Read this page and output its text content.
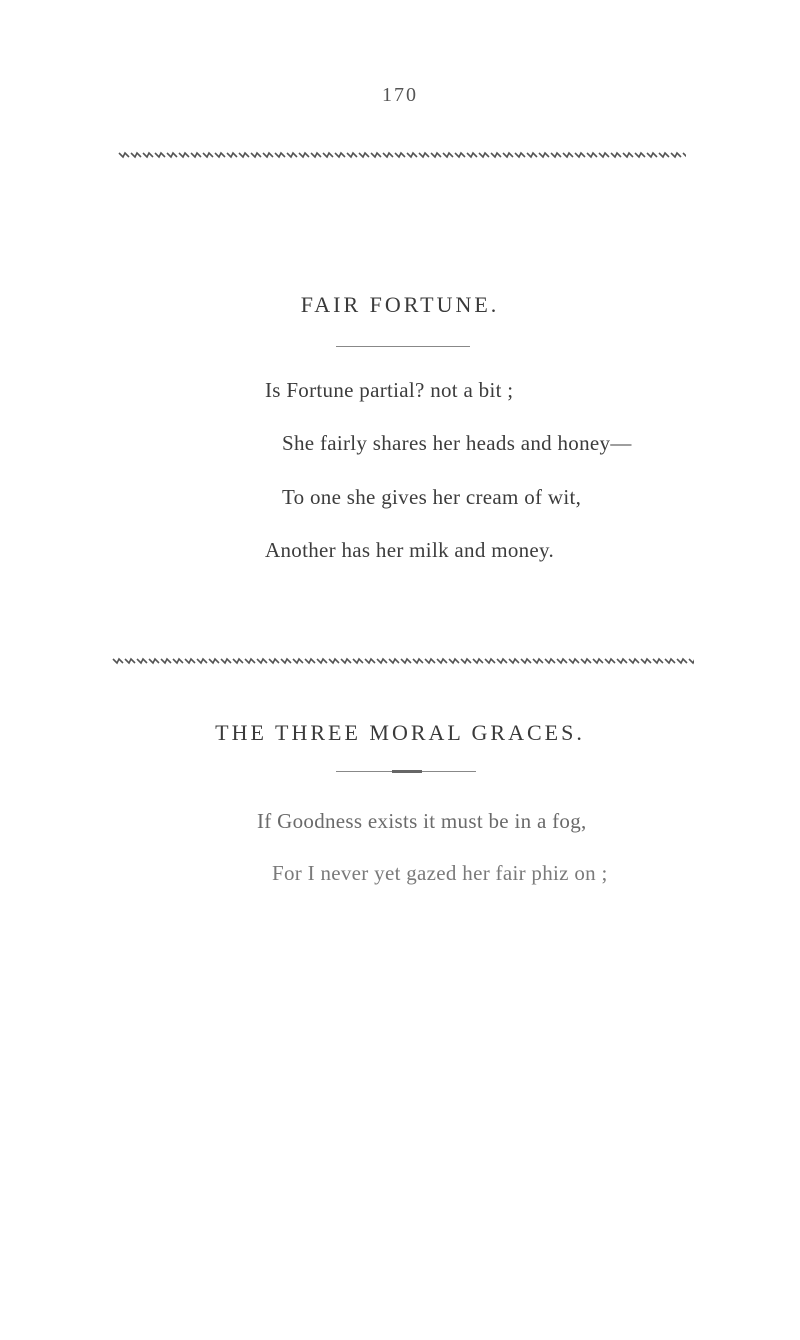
170
FAIR FORTUNE.
Is Fortune partial? not a bit ;
She fairly shares her heads and honey—
To one she gives her cream of wit,
Another has her milk and money.
THE THREE MORAL GRACES.
If Goodness exists it must be in a fog,
For I never yet gazed her fair phiz on ;
